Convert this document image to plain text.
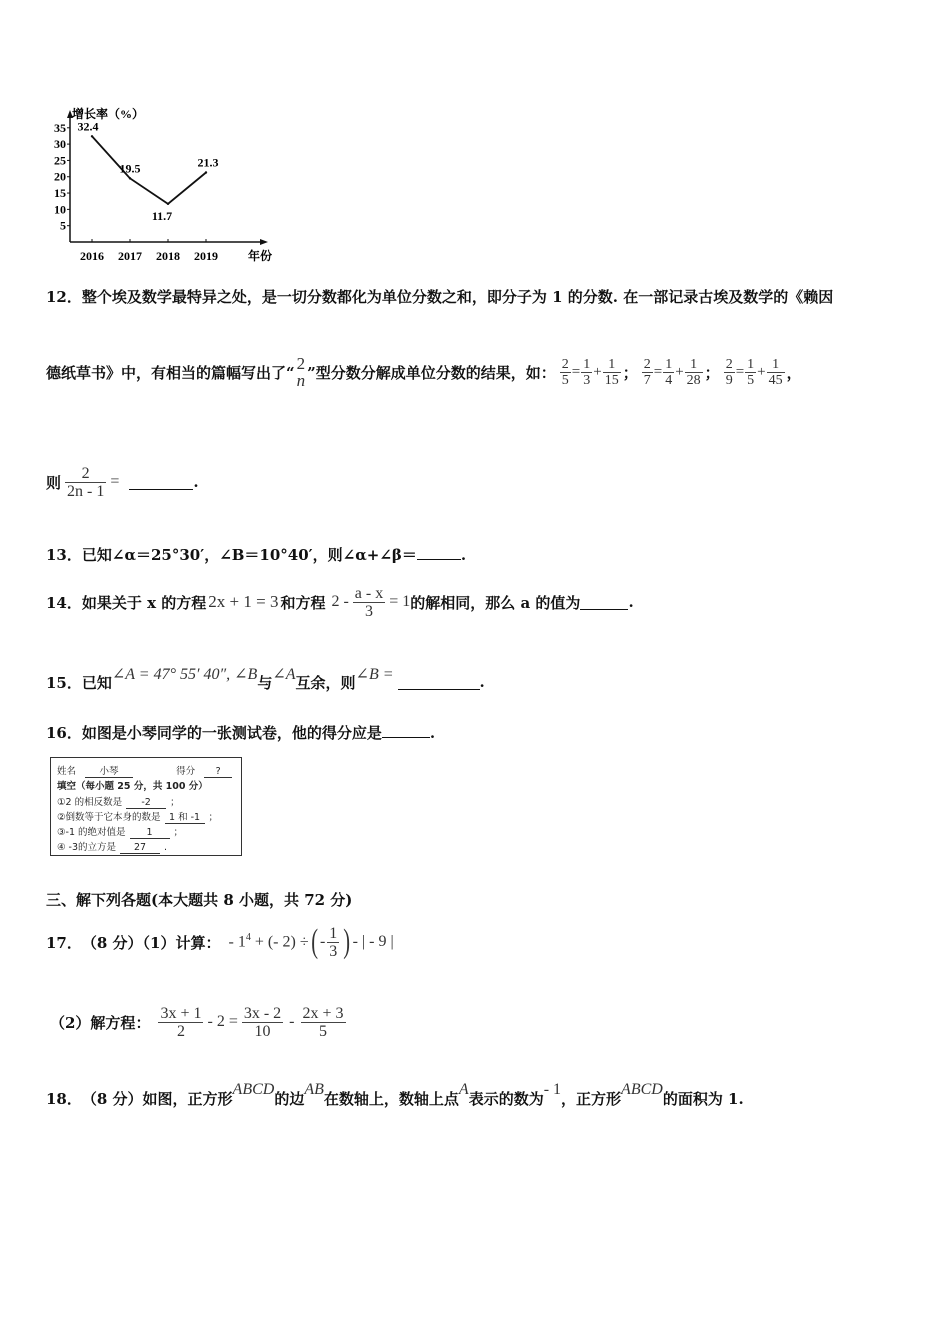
增长率（%）
年份
5
10
15
20
25
30
35
2016 2017 2018 2019
32.4
19.5
11.7
21.3
12．整个埃及数学最特异之处，是一切分数都化为单位分数之和，即分子为 1 的分数. 在一部记录古埃及数学的《赖因
德纸草书》中，有相当的篇幅写出了“ 2
n ”型分数分解成单位分数的结果，如： $\frac{2}{5} = \frac{1}{3} + \frac{1}{15}$ ； $\frac{2}{7} = \frac{1}{4} + \frac{1}{28}$ ； $\frac{2}{9} = \frac{1}{5} + \frac{1}{45}$ ，
则 $\frac{2}{2n - 1}$ =	.
13．已知∠α＝25°30′，∠B＝10°40′，则∠α+∠β＝	.
14． 如果关于 x 的方程 2x + 1 = 3 和方程 $2 - \frac{a - x}{3} = 1$ 的解相同，那么 a 的值为	.
15． 已知 ∠A = 47° 55′ 40″, ∠B 与 ∠A 互余，则 ∠B =	.
16．如图是小琴同学的一张测试卷，他的得分应是	.
姓名 小琴	得分 ?
填空（每小题 25 分，共 100 分）
①2 的相反数是 -2 ；
②倒数等于它本身的数是 1 和 -1 ；
③-1 的绝对值是 1 ；
④ -3的立方是 27 .
三、解下列各题(本大题共 8 小题，共 72 分)
17． （8 分）（1）计算： - $1^4$ + (- 2) ÷ ( - $\frac{1}{3}$ ) - | - 9 |
（2）解方程： $\frac{3x + 1}{2} - 2 = \frac{3x - 2}{10} - \frac{2x + 3}{5}$
18． （8 分）如图，正方形 ABCD 的边 AB 在数轴上，数轴上点 A 表示的数为 - 1 ，正方形 ABCD 的面积为 1.
